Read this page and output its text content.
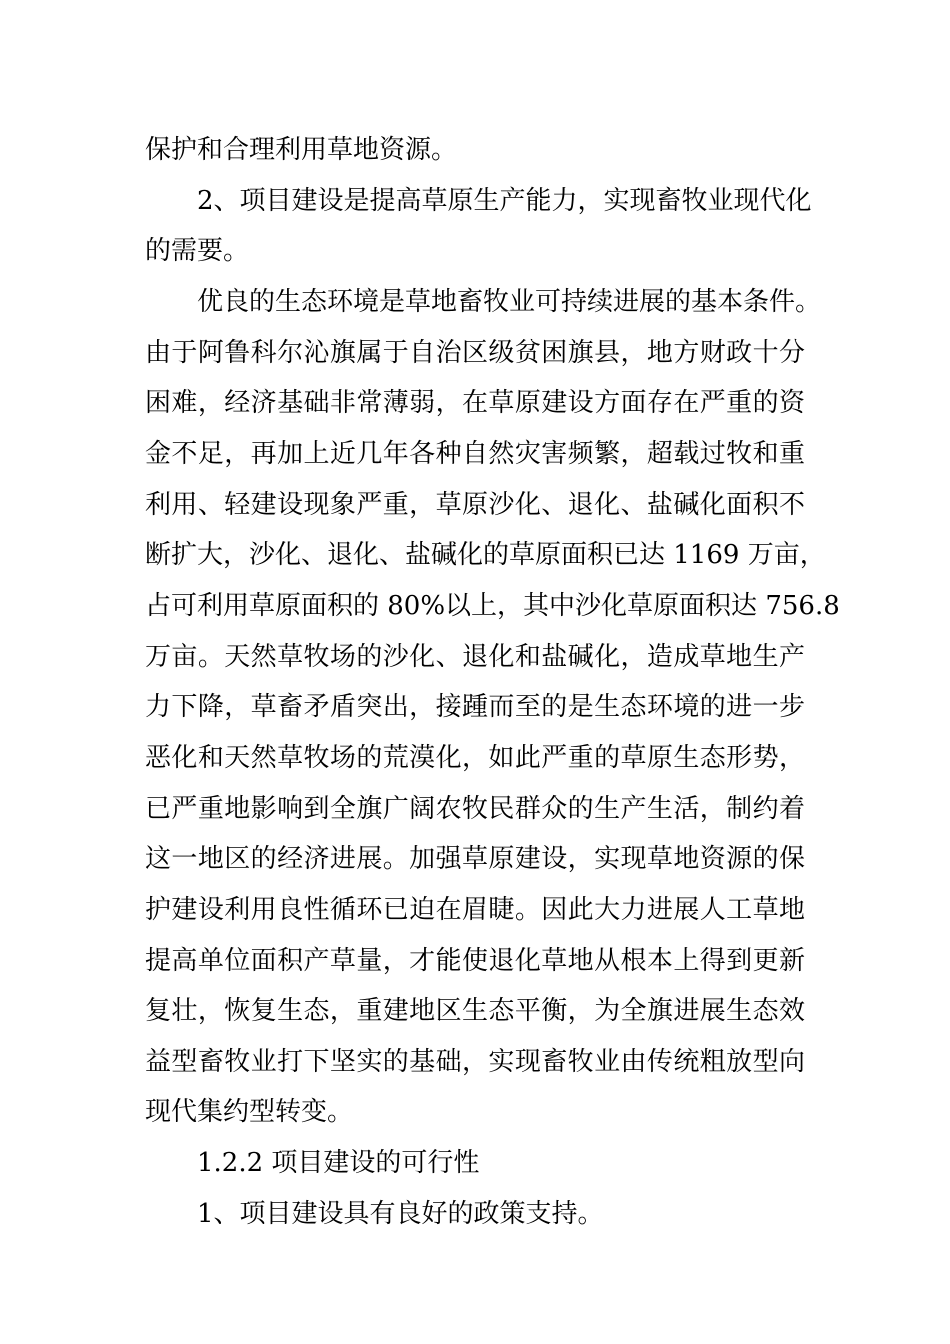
保护和合理利用草地资源。
2、项目建设是提高草原生产能力，实现畜牧业现代化
的需要。
优良的生态环境是草地畜牧业可持续进展的基本条件。
由于阿鲁科尔沁旗属于自治区级贫困旗县，地方财政十分
困难，经济基础非常薄弱，在草原建设方面存在严重的资
金不足，再加上近几年各种自然灾害频繁，超载过牧和重
利用、轻建设现象严重，草原沙化、退化、盐碱化面积不
断扩大，沙化、退化、盐碱化的草原面积已达 1169 万亩，
占可利用草原面积的 80%以上，其中沙化草原面积达 756.8
万亩。天然草牧场的沙化、退化和盐碱化，造成草地生产
力下降，草畜矛盾突出，接踵而至的是生态环境的进一步
恶化和天然草牧场的荒漠化，如此严重的草原生态形势，
已严重地影响到全旗广阔农牧民群众的生产生活，制约着
这一地区的经济进展。加强草原建设，实现草地资源的保
护建设利用良性循环已迫在眉睫。因此大力进展人工草地
提高单位面积产草量，才能使退化草地从根本上得到更新
复壮，恢复生态，重建地区生态平衡，为全旗进展生态效
益型畜牧业打下坚实的基础，实现畜牧业由传统粗放型向
现代集约型转变。
1.2.2 项目建设的可行性
1、项目建设具有良好的政策支持。
